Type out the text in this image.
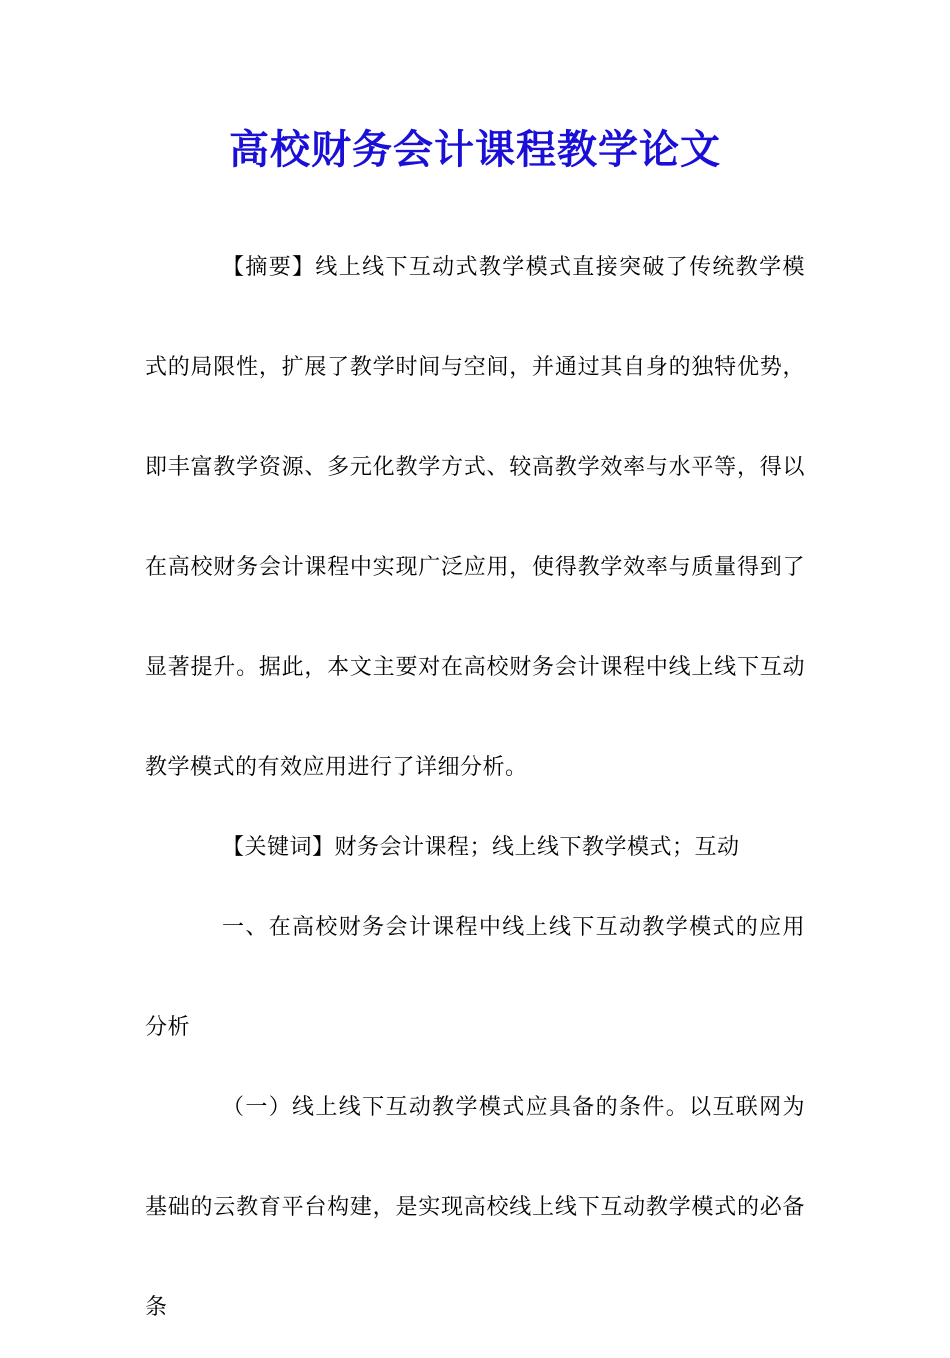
高校财务会计课程教学论文

【摘要】线上线下互动式教学模式直接突破了传统教学模式的局限性，扩展了教学时间与空间，并通过其自身的独特优势，即丰富教学资源、多元化教学方式、较高教学效率与水平等，得以在高校财务会计课程中实现广泛应用，使得教学效率与质量得到了显著提升。据此，本文主要对在高校财务会计课程中线上线下互动教学模式的有效应用进行了详细分析。

【关键词】财务会计课程；线上线下教学模式；互动

一、在高校财务会计课程中线上线下互动教学模式的应用分析

（一）线上线下互动教学模式应具备的条件。以互联网为基础的云教育平台构建，是实现高校线上线下互动教学模式的必备条
